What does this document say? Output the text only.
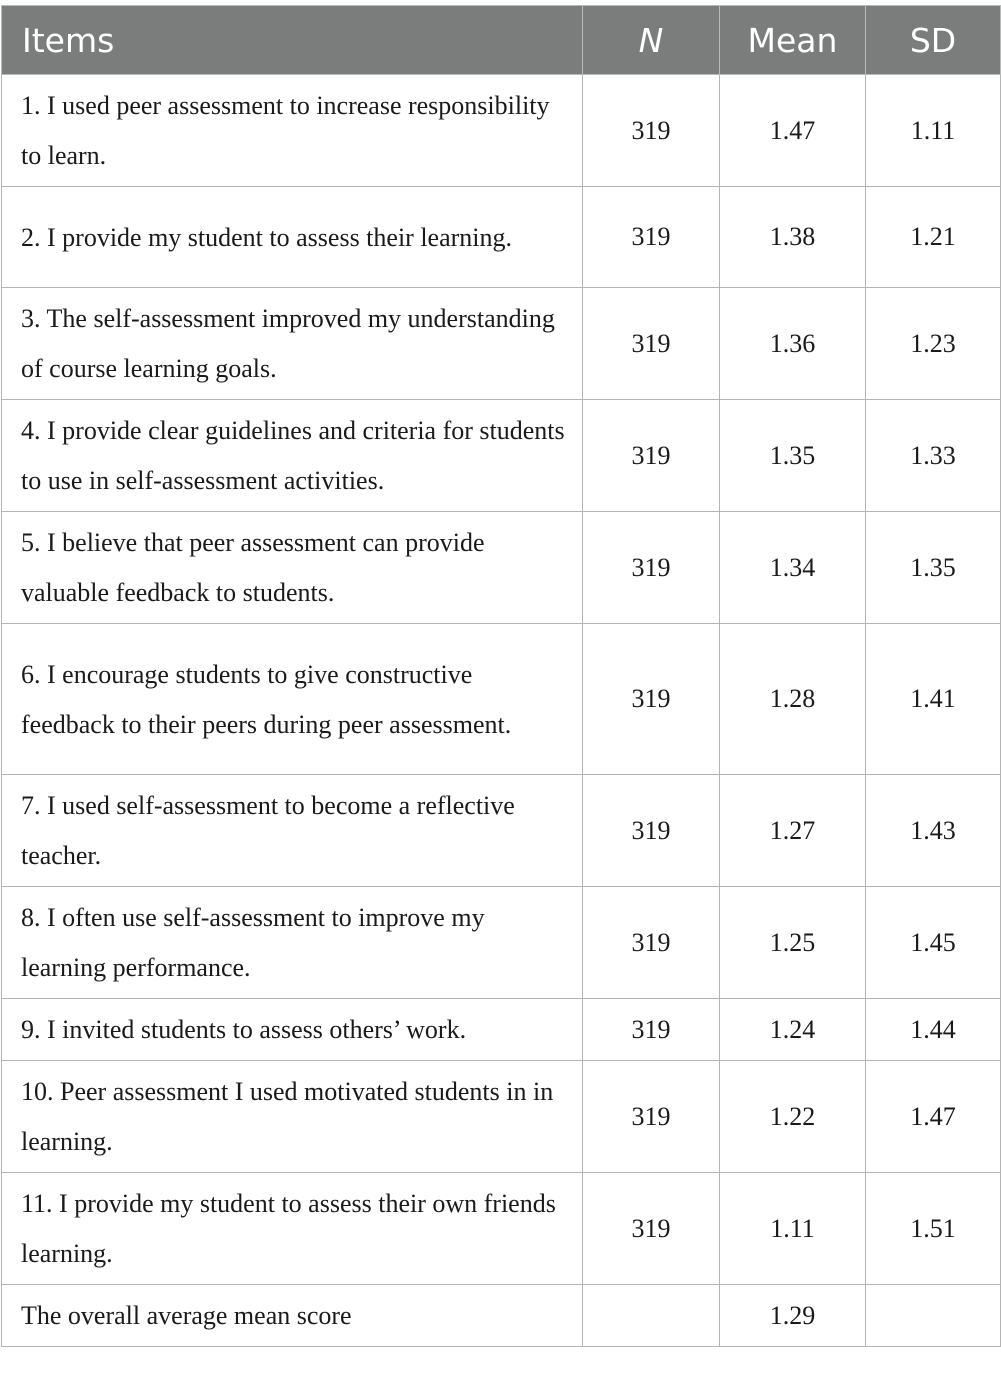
Items	N	Mean	SD
1. I used peer assessment to increase responsibility to learn.	319	1.47	1.11
2. I provide my student to assess their learning.	319	1.38	1.21
3. The self-assessment improved my understanding of course learning goals.	319	1.36	1.23
4. I provide clear guidelines and criteria for students to use in self-assessment activities.	319	1.35	1.33
5. I believe that peer assessment can provide valuable feedback to students.	319	1.34	1.35
6. I encourage students to give constructive feedback to their peers during peer assessment.	319	1.28	1.41
7. I used self-assessment to become a reflective teacher.	319	1.27	1.43
8. I often use self-assessment to improve my learning performance.	319	1.25	1.45
9. I invited students to assess others’ work.	319	1.24	1.44
10. Peer assessment I used motivated students in in learning.	319	1.22	1.47
11. I provide my student to assess their own friends learning.	319	1.11	1.51
The overall average mean score		1.29	
